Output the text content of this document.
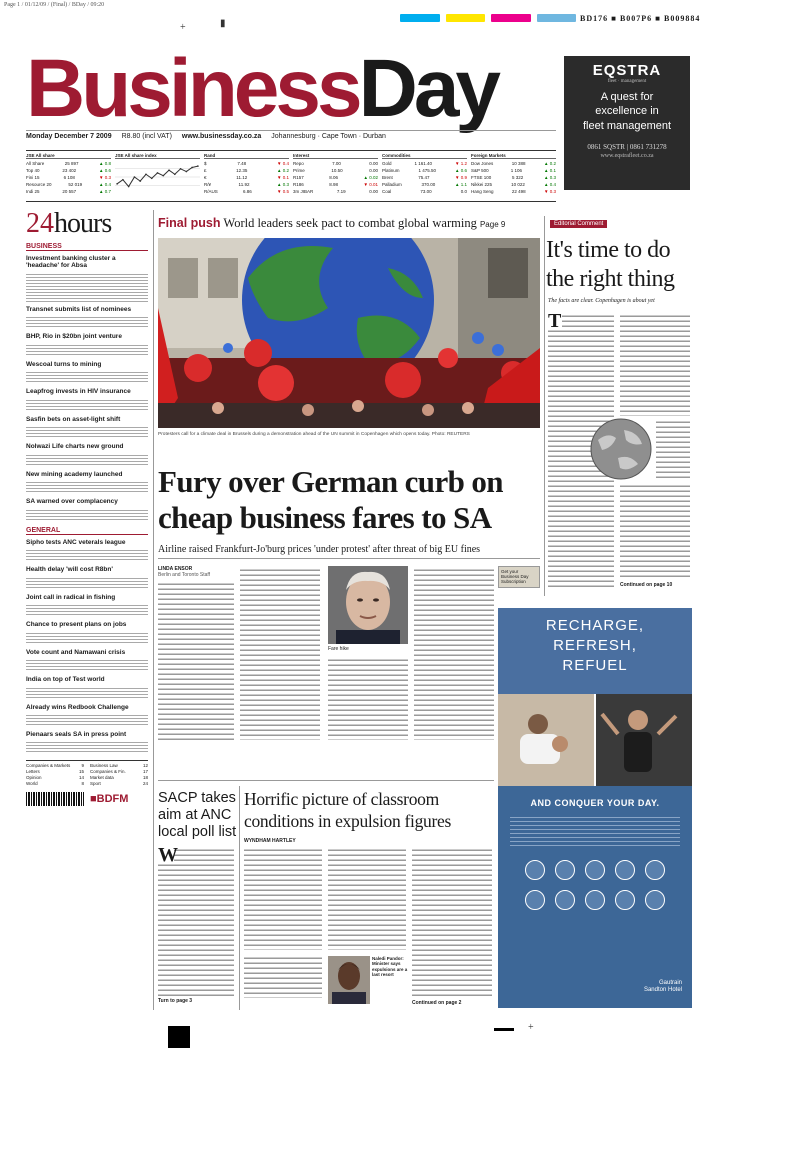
Page 1 / 01/12/09 / (Final) / BDay / 09:20
+	▮	BD176 ■ B007P6 ■ B009884
BusinessDay
Monday December 7 2009 R8.80 (incl VAT) www.businessday.co.za Johannesburg · Cape Town · Durban
EQSTRA
fleet · management
A quest for
excellence in
fleet management
0861 SQSTR | 0861 731278
www.eqstrafleet.co.za
JSE All share
All Share	25 897	▲ 0.8
Top 40	23 402	▲ 0.6
Fini 15	6 108	▼ 0.3
Resource 20	52 019	▲ 0.4
Indi 25	20 557	▲ 0.7
JSE All share index	Rand
$	7.48	▼ 0.4
£	12.35	▲ 0.2
€	11.12	▼ 0.1
R/¥	11.92	▲ 0.3
R/AUS	6.86	▼ 0.5
Interest
Repo	7.00	0.00
Prime	10.50	0.00
R157	8.06	▲ 0.02
R186	8.98	▼ 0.01
3m JIBAR	7.19	0.00
Commodities
Gold	1 161.40	▼ 1.2
Platinum	1 475.50	▲ 0.6
Brent	75.47	▼ 0.9
Palladium	370.00	▲ 1.1
Coal	73.00	0.0
Foreign Markets
Dow Jones	10 388	▲ 0.2
S&P 500	1 106	▲ 0.1
FTSE 100	5 322	▲ 0.3
Nikkei 225	10 022	▲ 0.4
Hang Seng	22 498	▼ 0.3
24hours
BUSINESS
Investment banking cluster a 'headache' for Absa
Transnet submits list of nominees
BHP, Rio in $20bn joint venture
Wescoal turns to mining
Leapfrog invests in HIV insurance
Sasfin bets on asset-light shift
Nolwazi Life charts new ground
New mining academy launched
SA warned over complacency
GENERAL
Sipho tests ANC veterals league
Health delay 'will cost R8bn'
Joint call in radical in fishing
Chance to present plans on jobs
Vote count and Namawani crisis
India on top of Test world
Already wins Redbook Challenge
Pienaars seals SA in press point
Companies & Markets 9 Business Law	12
Letters	15 Companies & Fin.	17
Opinion	14 Market data	18
World	8 Sport	24
■BDFM
Final push World leaders seek pact to combat global warming Page 9
Protesters call for a climate deal in Brussels during a demonstration ahead of the UN summit in Copenhagen which opens today. Photo: REUTERS
Fury over German curb on cheap business fares to SA
Airline raised Frankfurt-Jo'burg prices 'under protest' after threat of big EU fines
LINDA ENSOR
Berlin and Toronto Staff
Fare hike
Get your Business Day Subscription
Editorial Comment
It's time to do the right thing
The facts are clear. Copenhagen is about yet
T
Continued on page 10
RECHARGE,
REFRESH,
REFUEL
AND CONQUER YOUR DAY.
Gautrain
Sandton Hotel
SACP takes aim at ANC local poll list
W
Turn to page 3
Horrific picture of classroom conditions in expulsion figures
WYNDHAM HARTLEY
Naledi Pandor: Minister says expulsions are a last resort
Continued on page 2
+
